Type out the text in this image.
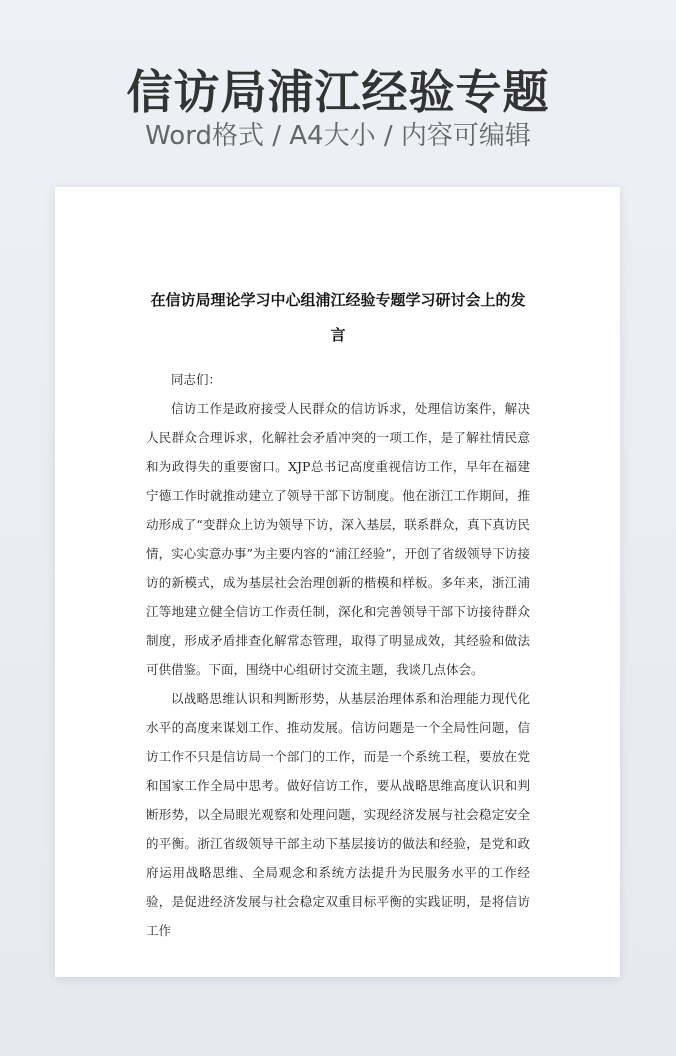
信访局浦江经验专题
Word格式 / A4大小 / 内容可编辑
在信访局理论学习中心组浦江经验专题学习研讨会上的发言

同志们：

信访工作是政府接受人民群众的信访诉求，处理信访案件，解决人民群众合理诉求，化解社会矛盾冲突的一项工作，是了解社情民意和为政得失的重要窗口。XJP总书记高度重视信访工作，早年在福建宁德工作时就推动建立了领导干部下访制度。他在浙江工作期间，推动形成了“变群众上访为领导下访，深入基层，联系群众，真下真访民情，实心实意办事”为主要内容的“浦江经验”，开创了省级领导下访接访的新模式，成为基层社会治理创新的楷模和样板。多年来，浙江浦江等地建立健全信访工作责任制，深化和完善领导干部下访接待群众制度，形成矛盾排查化解常态管理，取得了明显成效，其经验和做法可供借鉴。下面，围绕中心组研讨交流主题，我谈几点体会。

以战略思维认识和判断形势，从基层治理体系和治理能力现代化水平的高度来谋划工作、推动发展。信访问题是一个全局性问题，信访工作不只是信访局一个部门的工作，而是一个系统工程，要放在党和国家工作全局中思考。做好信访工作，要从战略思维高度认识和判断形势，以全局眼光观察和处理问题，实现经济发展与社会稳定安全的平衡。浙江省级领导干部主动下基层接访的做法和经验，是党和政府运用战略思维、全局观念和系统方法提升为民服务水平的工作经验，是促进经济发展与社会稳定双重目标平衡的实践证明，是将信访工作
